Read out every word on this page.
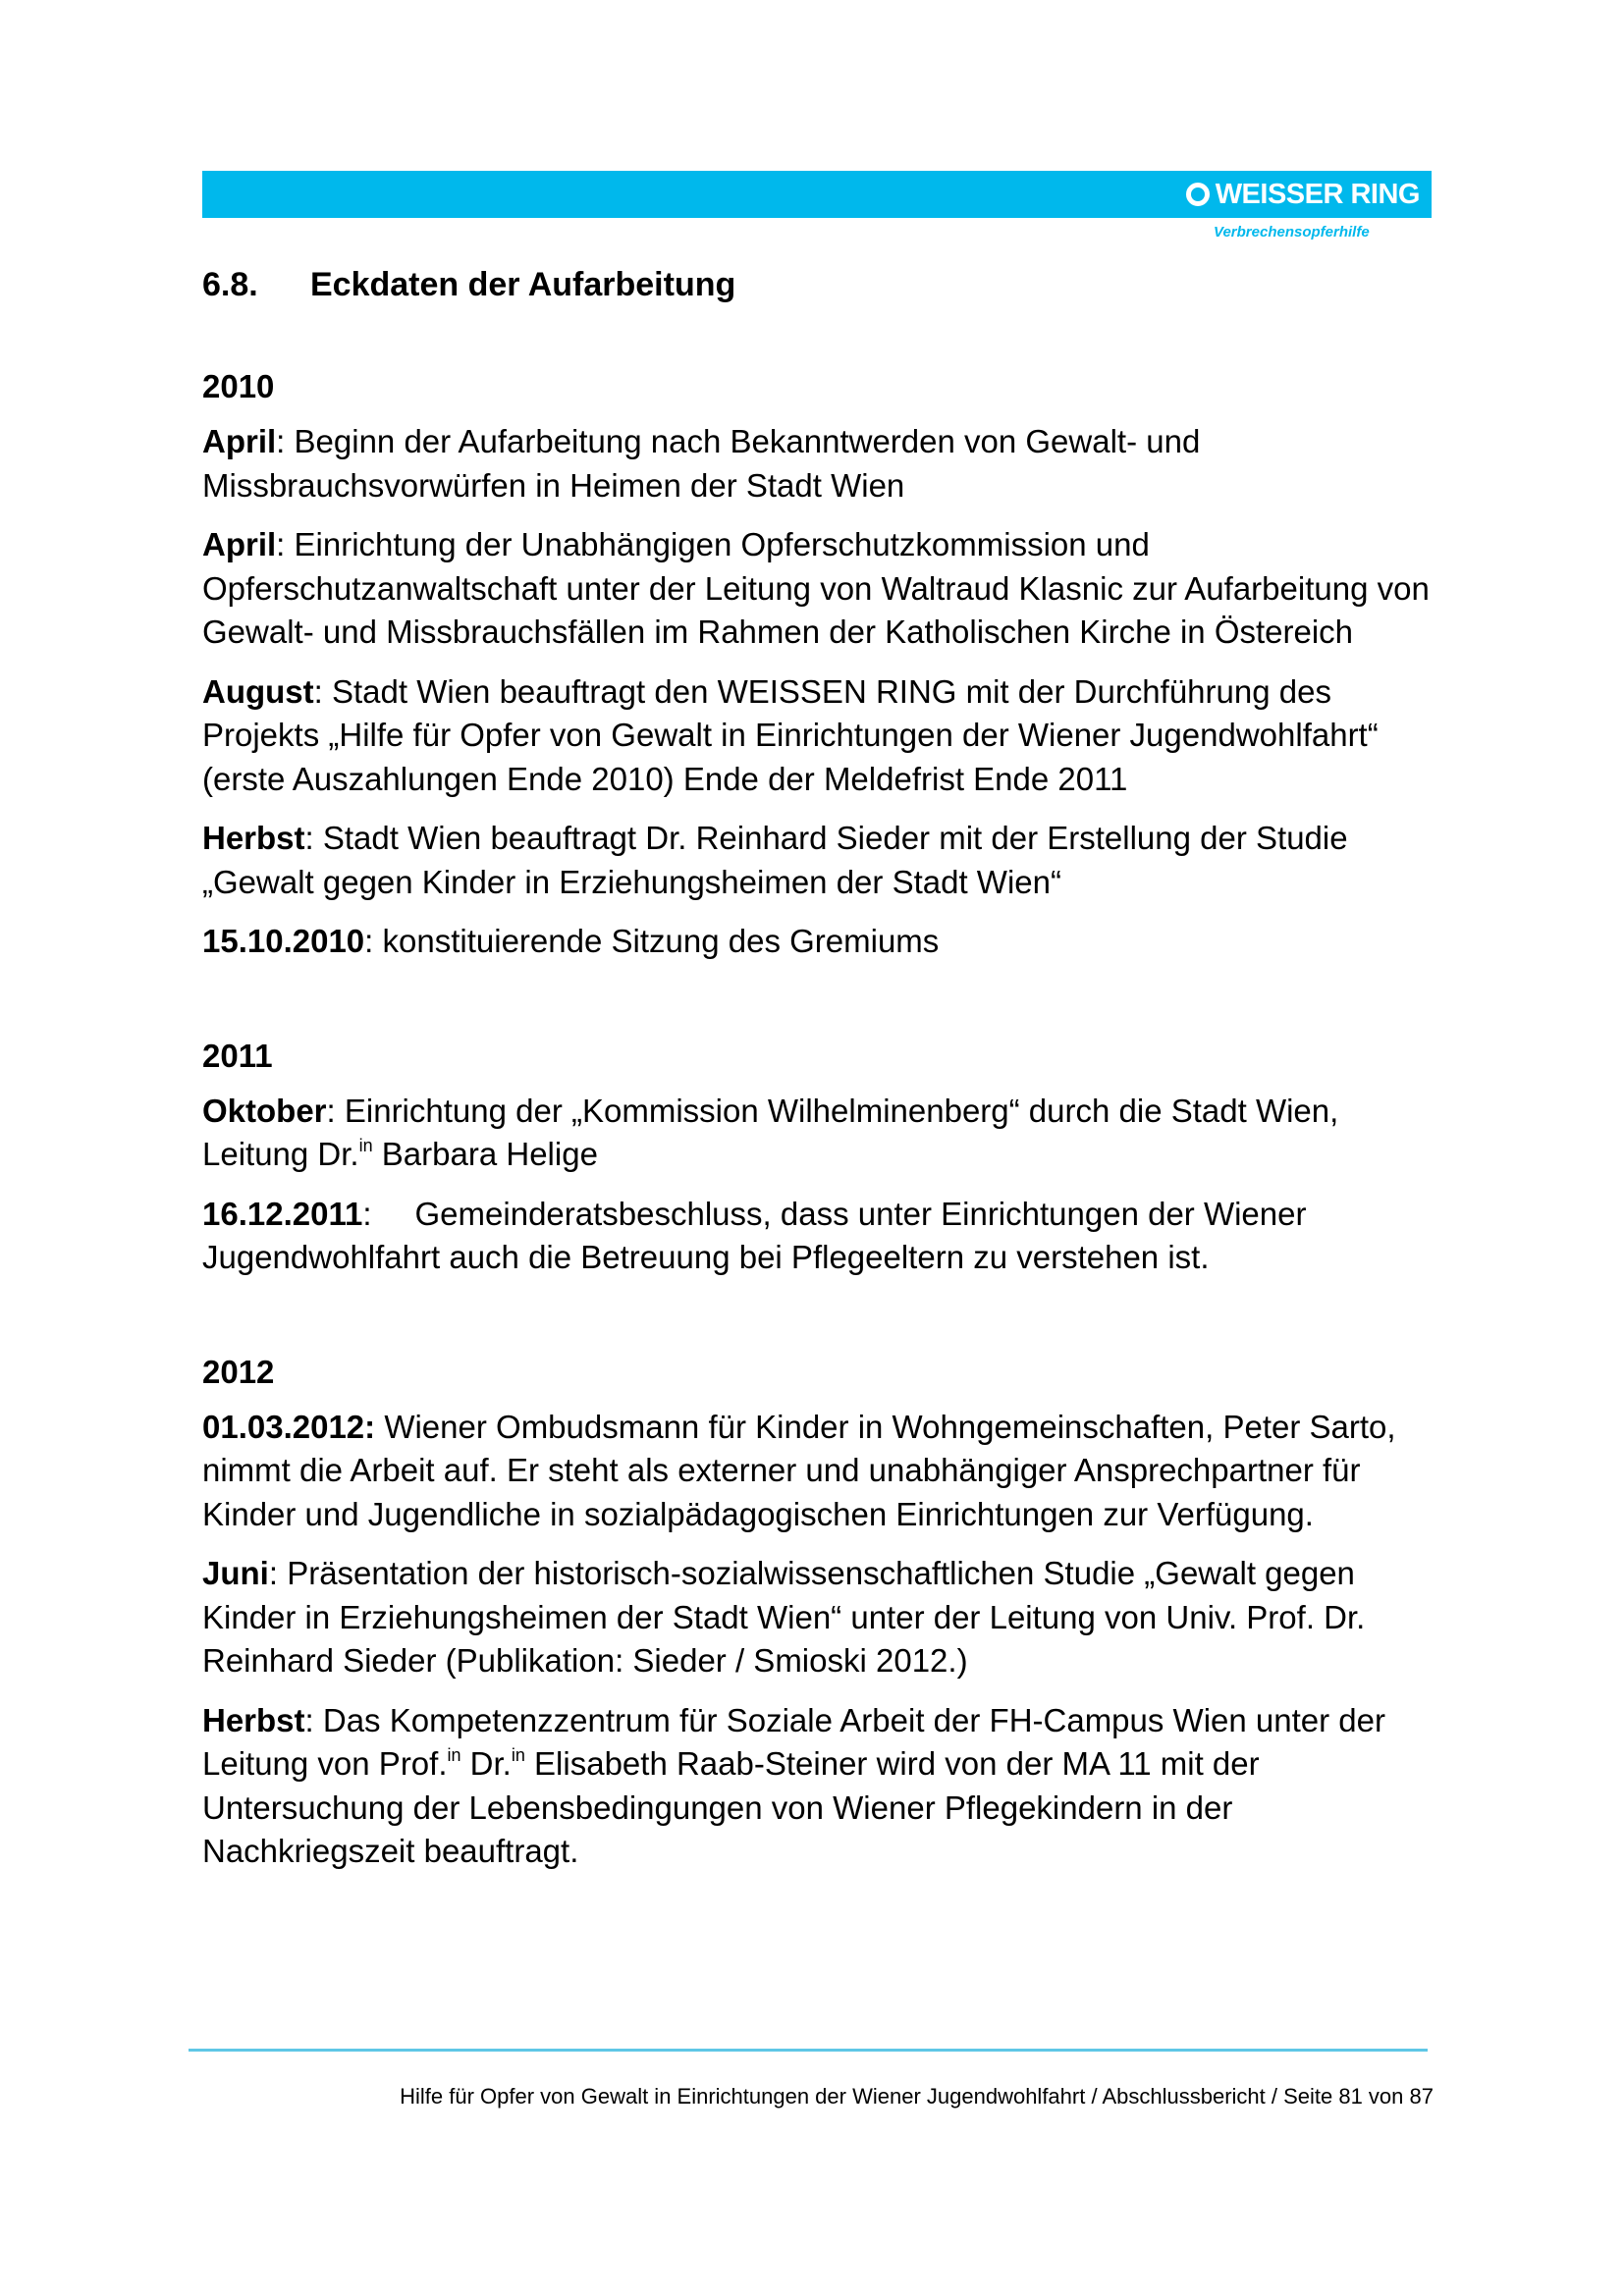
WEISSER RING
Verbrechensopferhilfe
6.8. Eckdaten der Aufarbeitung

2010

April: Beginn der Aufarbeitung nach Bekanntwerden von Gewalt- und Missbrauchsvorwürfen in Heimen der Stadt Wien

April: Einrichtung der Unabhängigen Opferschutzkommission und Opferschutzanwaltschaft unter der Leitung von Waltraud Klasnic zur Aufarbeitung von Gewalt- und Missbrauchsfällen im Rahmen der Katholischen Kirche in Östereich

August: Stadt Wien beauftragt den WEISSEN RING mit der Durchführung des Projekts „Hilfe für Opfer von Gewalt in Einrichtungen der Wiener Jugendwohlfahrt“ (erste Auszahlungen Ende 2010) Ende der Meldefrist Ende 2011

Herbst: Stadt Wien beauftragt Dr. Reinhard Sieder mit der Erstellung der Studie „Gewalt gegen Kinder in Erziehungsheimen der Stadt Wien“

15.10.2010: konstituierende Sitzung des Gremiums

2011

Oktober: Einrichtung der „Kommission Wilhelminenberg“ durch die Stadt Wien, Leitung Dr.$^{in}$ Barbara Helige

16.12.2011: Gemeinderatsbeschluss, dass unter Einrichtungen der Wiener Jugendwohlfahrt auch die Betreuung bei Pflegeeltern zu verstehen ist.

2012

01.03.2012: Wiener Ombudsmann für Kinder in Wohngemeinschaften, Peter Sarto, nimmt die Arbeit auf. Er steht als externer und unabhängiger Ansprechpartner für Kinder und Jugendliche in sozialpädagogischen Einrichtungen zur Verfügung.

Juni: Präsentation der historisch-sozialwissenschaftlichen Studie „Gewalt gegen Kinder in Erziehungsheimen der Stadt Wien“ unter der Leitung von Univ. Prof. Dr. Reinhard Sieder (Publikation: Sieder / Smioski 2012.)

Herbst: Das Kompetenzzentrum für Soziale Arbeit der FH-Campus Wien unter der Leitung von Prof.$^{in}$ Dr.$^{in}$ Elisabeth Raab-Steiner wird von der MA 11 mit der Untersuchung der Lebensbedingungen von Wiener Pflegekindern in der Nachkriegszeit beauftragt.

Hilfe für Opfer von Gewalt in Einrichtungen der Wiener Jugendwohlfahrt / Abschlussbericht / Seite 81 von 87
